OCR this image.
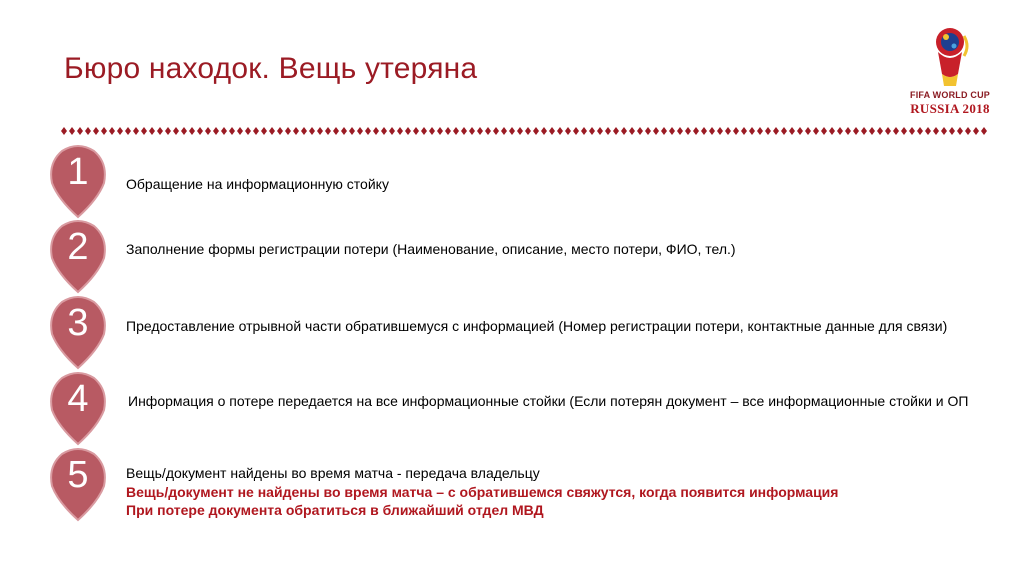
Бюро находок. Вещь утеряна
FIFA WORLD CUP
RUSSIA 2018
1	Обращение на информационную стойку
2	Заполнение формы регистрации потери (Наименование, описание, место потери, ФИО, тел.)
3	Предоставление отрывной части обратившемуся с информацией (Номер регистрации потери, контактные данные для связи)
4	Информация о потере передается на все информационные стойки (Если потерян документ – все информационные стойки и ОП
5	Вещь/документ найдены во время матча - передача владельцу
Вещь/документ не найдены во время матча – с обратившемся свяжутся, когда появится информация
При потере документа обратиться в ближайший отдел МВД
